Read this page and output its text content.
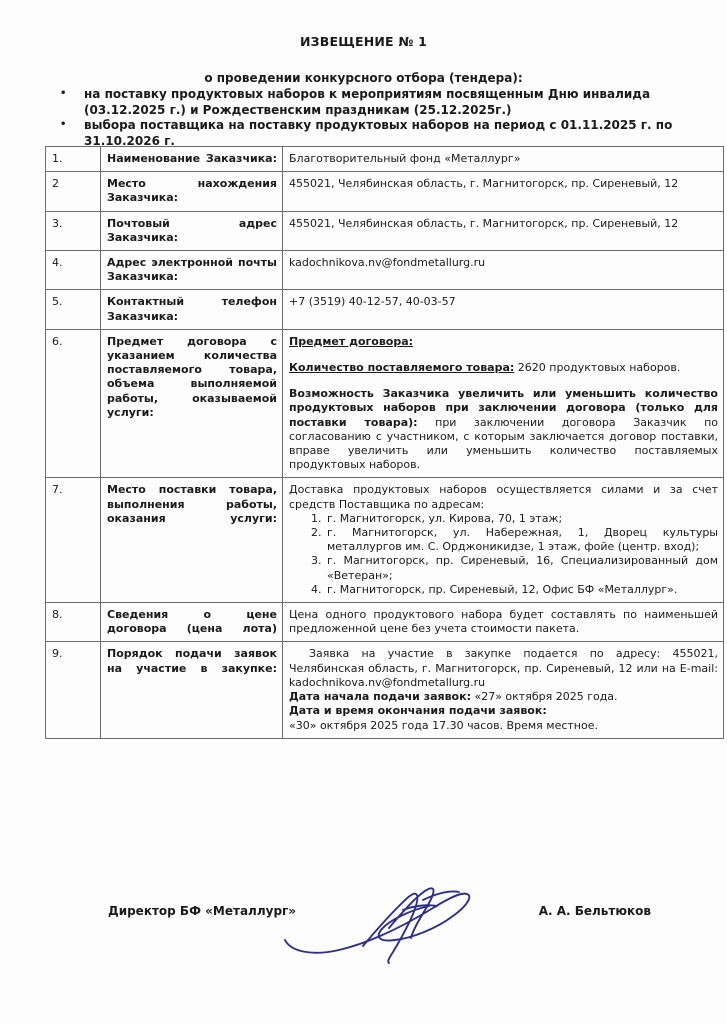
ИЗВЕЩЕНИЕ № 1
о проведении конкурсного отбора (тендера):
• на поставку продуктовых наборов к мероприятиям посвященным Дню инвалида (03.12.2025 г.) и Рождественским праздникам (25.12.2025г.)
• выбора поставщика на поставку продуктовых наборов на период с 01.11.2025 г. по 31.10.2026 г.
1.	Наименование Заказчика:	Благотворительный фонд «Металлург»
2	Место нахождения Заказчика:	455021, Челябинская область, г. Магнитогорск, пр. Сиреневый, 12
3.	Почтовый адрес Заказчика:	455021, Челябинская область, г. Магнитогорск, пр. Сиреневый, 12
4.	Адрес электронной почты Заказчика:	kadochnikova.nv@fondmetallurg.ru
5.	Контактный телефон Заказчика:	+7 (3519) 40-12-57, 40-03-57
6.	Предмет договора с указанием количества поставляемого товара, объема выполняемой работы, оказываемой услуги:	Предмет договора:
Количество поставляемого товара: 2620 продуктовых наборов.
Возможность Заказчика увеличить или уменьшить количество продуктовых наборов при заключении договора (только для поставки товара): при заключении договора Заказчик по согласованию с участником, с которым заключается договор поставки, вправе увеличить или уменьшить количество поставляемых продуктовых наборов.
7.	Место поставки товара, выполнения работы, оказания услуги:	
Доставка продуктовых наборов осуществляется силами и за счет средств Поставщика по адресам:
1. г. Магнитогорск, ул. Кирова, 70, 1 этаж;
2. г. Магнитогорск, ул. Набережная, 1, Дворец культуры металлургов им. С. Орджоникидзе, 1 этаж, фойе (центр. вход);
3. г. Магнитогорск, пр. Сиреневый, 16, Специализированный дом «Ветеран»;
4. г. Магнитогорск, пр. Сиреневый, 12, Офис БФ «Металлург».

8.	Сведения о цене договора (цена лота)	Цена одного продуктового набора будет составлять по наименьшей предложенной цене без учета стоимости пакета.
9.	Порядок подачи заявок на участие в закупке:	Заявка на участие в закупке подается по адресу: 455021, Челябинская область, г. Магнитогорск, пр. Сиреневый, 12 или на E-mail: kadochnikova.nv@fondmetallurg.ru
Дата начала подачи заявок: «27» октября 2025 года.
Дата и время окончания подачи заявок:
«30» октября 2025 года 17.30 часов. Время местное.
Директор БФ «Металлург»	А. А. Бельтюков
